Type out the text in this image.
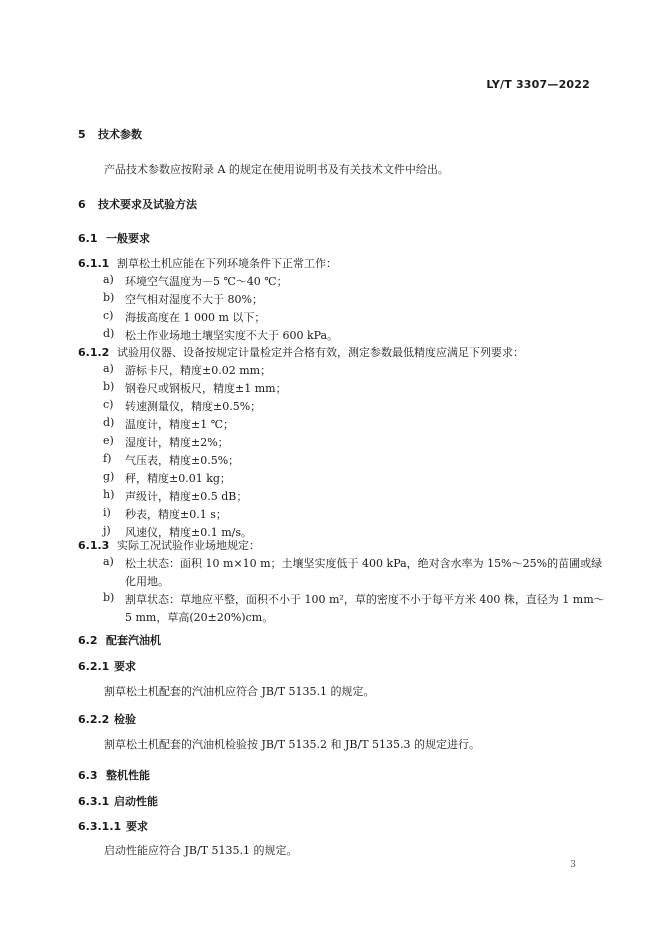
LY/T 3307—2022
5 技术参数
产品技术参数应按附录 A 的规定在使用说明书及有关技术文件中给出。
6 技术要求及试验方法
6.1 一般要求
6.1.1 割草松土机应能在下列环境条件下正常工作：
a) 环境空气温度为－5 ℃～40 ℃；
b) 空气相对湿度不大于 80%；
c) 海拔高度在 1 000 m 以下；
d) 松土作业场地土壤坚实度不大于 600 kPa。
6.1.2 试验用仪器、设备按规定计量检定并合格有效，测定参数最低精度应满足下列要求：
a) 游标卡尺，精度±0.02 mm；
b) 钢卷尺或钢板尺，精度±1 mm；
c) 转速测量仪，精度±0.5%；
d) 温度计，精度±1 ℃；
e) 湿度计，精度±2%；
f) 气压表，精度±0.5%；
g) 秤，精度±0.01 kg；
h) 声级计，精度±0.5 dB；
i) 秒表，精度±0.1 s；
j) 风速仪，精度±0.1 m/s。
6.1.3 实际工况试验作业场地规定：
a) 松土状态：面积 10 m×10 m；土壤坚实度低于 400 kPa，绝对含水率为 15%～25%的苗圃或绿
化用地。
b) 割草状态：草地应平整，面积不小于 100 m²，草的密度不小于每平方米 400 株，直径为 1 mm～
5 mm，草高(20±20%)cm。
6.2 配套汽油机
6.2.1 要求
割草松土机配套的汽油机应符合 JB/T 5135.1 的规定。
6.2.2 检验
割草松土机配套的汽油机检验按 JB/T 5135.2 和 JB/T 5135.3 的规定进行。
6.3 整机性能
6.3.1 启动性能
6.3.1.1 要求
启动性能应符合 JB/T 5135.1 的规定。
3
